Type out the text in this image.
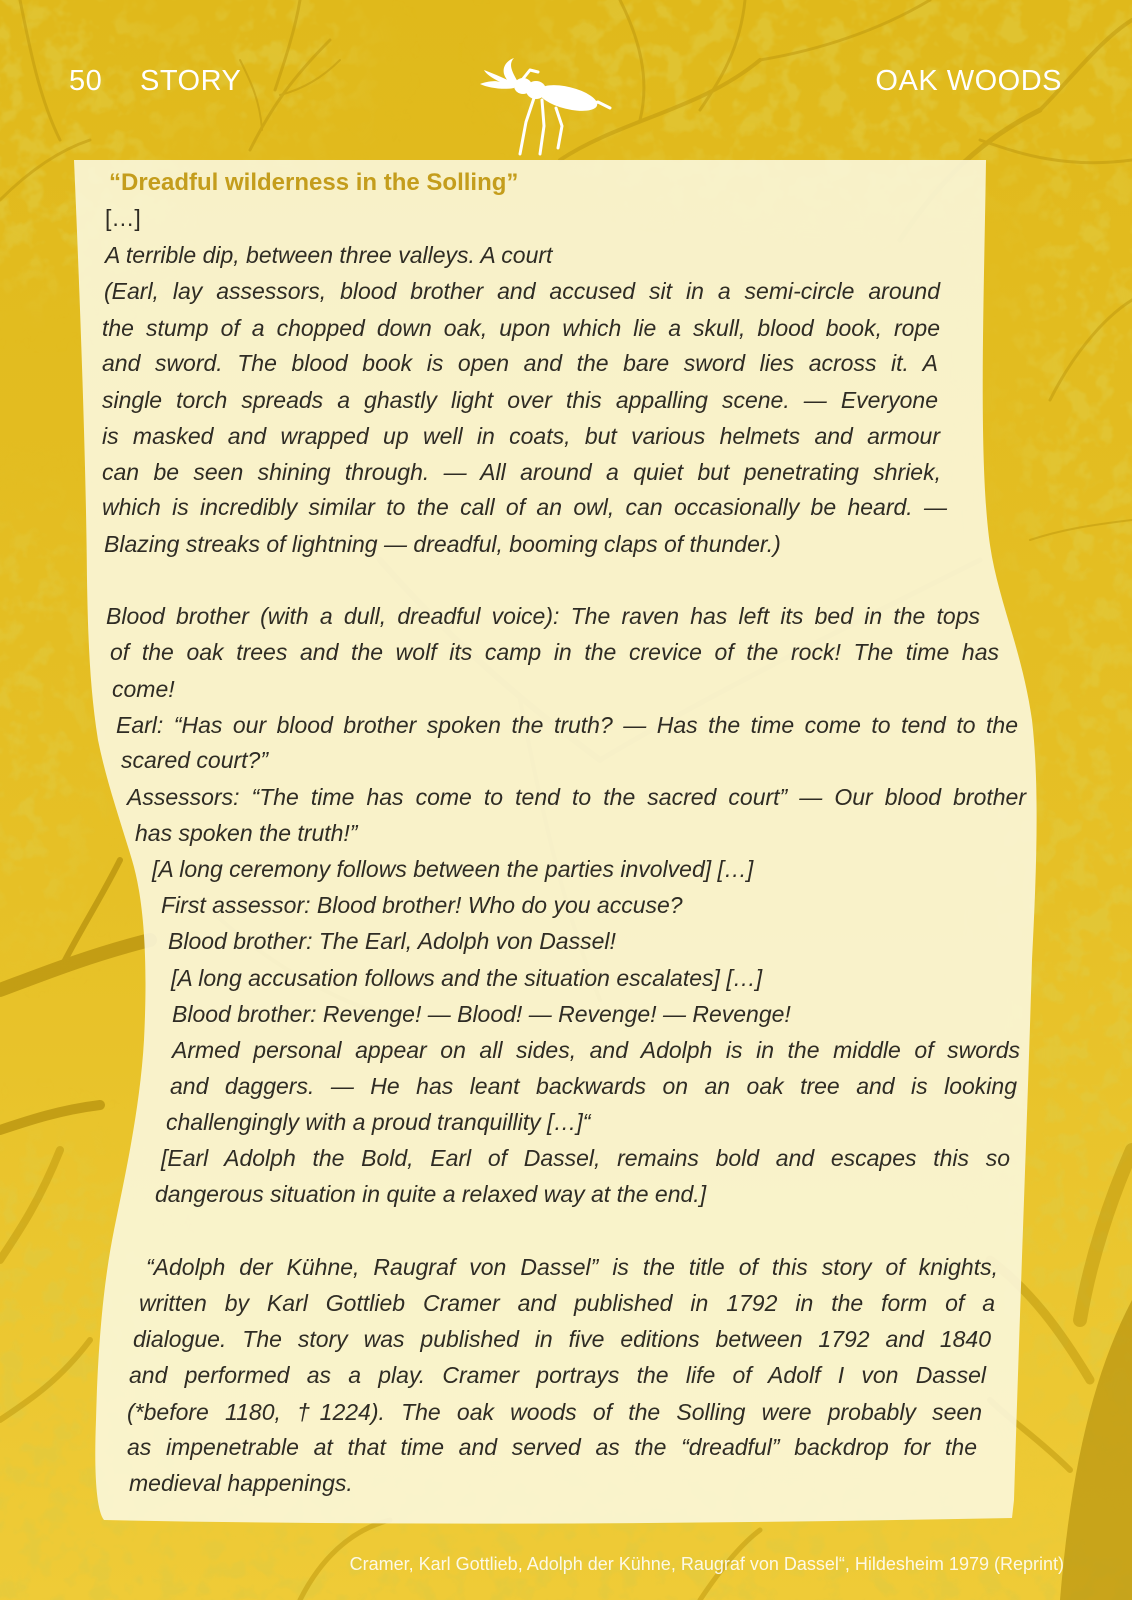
50 STORY	OAK WOODS
“Dreadful wilderness in the Solling”
[…]
A terrible dip, between three valleys. A court
(Earl, lay assessors, blood brother and accused sit in a semi-circle around
the stump of a chopped down oak, upon which lie a skull, blood book, rope
and sword. The blood book is open and the bare sword lies across it. A
single torch spreads a ghastly light over this appalling scene. — Everyone
is masked and wrapped up well in coats, but various helmets and armour
can be seen shining through. — All around a quiet but penetrating shriek,
which is incredibly similar to the call of an owl, can occasionally be heard. —
Blazing streaks of lightning — dreadful, booming claps of thunder.)
Blood brother (with a dull, dreadful voice): The raven has left its bed in the tops
of the oak trees and the wolf its camp in the crevice of the rock! The time has
come!
Earl: “Has our blood brother spoken the truth? — Has the time come to tend to the
scared court?”
Assessors: “The time has come to tend to the sacred court” — Our blood brother
has spoken the truth!”
[A long ceremony follows between the parties involved] […]
First assessor: Blood brother! Who do you accuse?
Blood brother: The Earl, Adolph von Dassel!
[A long accusation follows and the situation escalates] […]
Blood brother: Revenge! — Blood! — Revenge! — Revenge!
Armed personal appear on all sides, and Adolph is in the middle of swords
and daggers. — He has leant backwards on an oak tree and is looking
challengingly with a proud tranquillity […]“
[Earl Adolph the Bold, Earl of Dassel, remains bold and escapes this so
dangerous situation in quite a relaxed way at the end.]
“Adolph der Kühne, Raugraf von Dassel” is the title of this story of knights,
written by Karl Gottlieb Cramer and published in 1792 in the form of a
dialogue. The story was published in five editions between 1792 and 1840
and performed as a play. Cramer portrays the life of Adolf I von Dassel
(*before 1180, †1224). The oak woods of the Solling were probably seen
as impenetrable at that time and served as the “dreadful” backdrop for the
medieval happenings.
Cramer, Karl Gottlieb, Adolph der Kühne, Raugraf von Dassel“, Hildesheim 1979 (Reprint)
